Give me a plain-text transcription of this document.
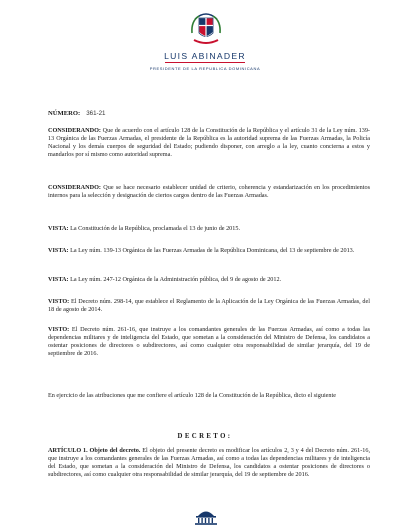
LUIS ABINADER
PRESIDENTE DE LA REPUBLICA DOMINICANA
NÚMERO: 361-21

CONSIDERANDO: Que de acuerdo con el artículo 128 de la Constitución de la República y el artículo 31 de la Ley núm. 139-13 Orgánica de las Fuerzas Armadas, el presidente de la República es la autoridad suprema de las Fuerzas Armadas, la Policía Nacional y los demás cuerpos de seguridad del Estado; pudiendo disponer, con arreglo a la ley, cuanto concierna a estos y mandarlos por sí mismo como autoridad suprema.

CONSIDERANDO: Que se hace necesario establecer unidad de criterio, coherencia y estandarización en los procedimientos internos para la selección y designación de ciertos cargos dentro de las Fuerzas Armadas.

VISTA: La Constitución de la República, proclamada el 13 de junio de 2015.

VISTA: La Ley núm. 139-13 Orgánica de las Fuerzas Armadas de la República Dominicana, del 13 de septiembre de 2013.

VISTA: La Ley núm. 247-12 Orgánica de la Administración pública, del 9 de agosto de 2012.

VISTO: El Decreto núm. 298-14, que establece el Reglamento de la Aplicación de la Ley Orgánica de las Fuerzas Armadas, del 18 de agosto de 2014.

VISTO: El Decreto núm. 261-16, que instruye a los comandantes generales de las Fuerzas Armadas, así como a todas las dependencias militares y de inteligencia del Estado, que sometan a la consideración del Ministro de Defensa, los candidatos a ostentar posiciones de directores o subdirectores, así como cualquier otra responsabilidad de similar jerarquía, del 19 de septiembre de 2016.

En ejercicio de las atribuciones que me confiere el artículo 128 de la Constitución de la República, dicto el siguiente

DECRETO:

ARTÍCULO 1. Objeto del decreto. El objeto del presente decreto es modificar los artículos 2, 3 y 4 del Decreto núm. 261-16, que instruye a los comandantes generales de las Fuerzas Armadas, así como a todas las dependencias militares y de inteligencia del Estado, que sometan a la consideración del Ministro de Defensa, los candidatos a ostentar posiciones de directores o subdirectores, así como cualquier otra responsabilidad de similar jerarquía, del 19 de septiembre de 2016.
